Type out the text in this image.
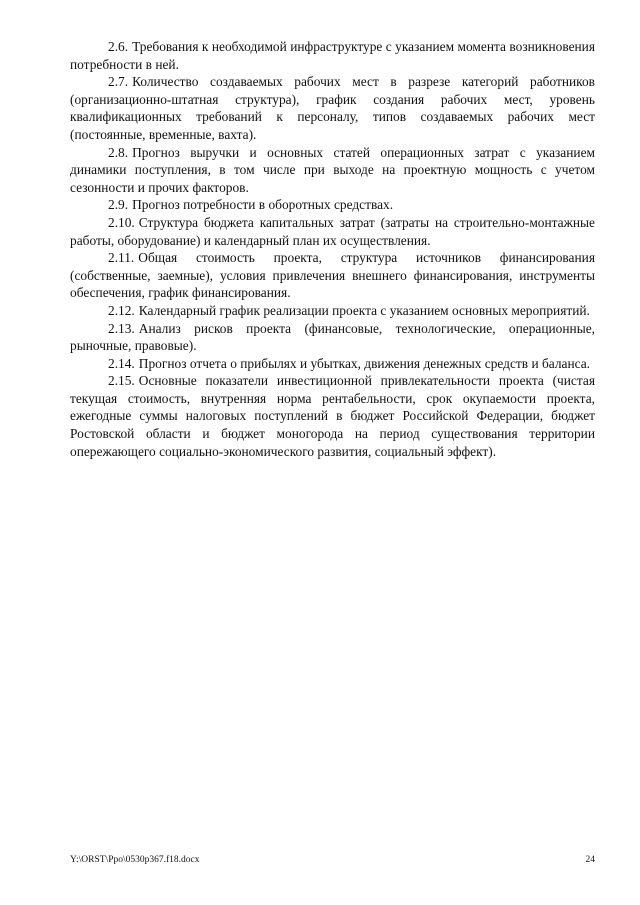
2.6. Требования к необходимой инфраструктуре с указанием момента возникновения потребности в ней.

2.7. Количество создаваемых рабочих мест в разрезе категорий работников (организационно-штатная структура), график создания рабочих мест, уровень квалификационных требований к персоналу, типов создаваемых рабочих мест (постоянные, временные, вахта).

2.8. Прогноз выручки и основных статей операционных затрат с указанием динамики поступления, в том числе при выходе на проектную мощность с учетом сезонности и прочих факторов.

2.9. Прогноз потребности в оборотных средствах.

2.10. Структура бюджета капитальных затрат (затраты на строительно-монтажные работы, оборудование) и календарный план их осуществления.

2.11. Общая стоимость проекта, структура источников финансирования (собственные, заемные), условия привлечения внешнего финансирования, инструменты обеспечения, график финансирования.

2.12. Календарный график реализации проекта с указанием основных мероприятий.

2.13. Анализ рисков проекта (финансовые, технологические, операционные, рыночные, правовые).

2.14. Прогноз отчета о прибылях и убытках, движения денежных средств и баланса.

2.15. Основные показатели инвестиционной привлекательности проекта (чистая текущая стоимость, внутренняя норма рентабельности, срок окупаемости проекта, ежегодные суммы налоговых поступлений в бюджет Российской Федерации, бюджет Ростовской области и бюджет моногорода на период существования территории опережающего социально-экономического развития, социальный эффект).

Y:\ORST\Ppo\0530p367.f18.docx	24
